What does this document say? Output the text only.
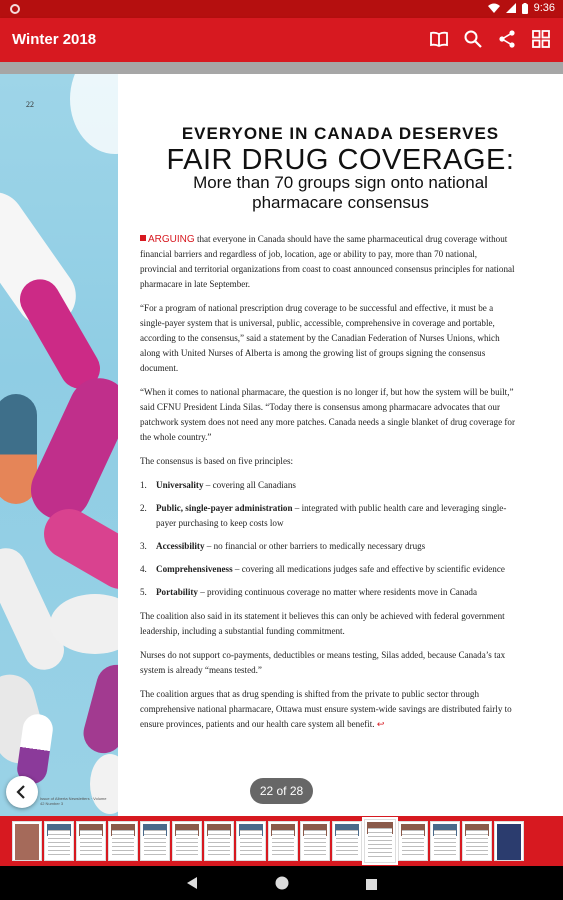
9:36
Winter 2018
22
Issue of Alberta Newsletters · Volume 42 Number 3
EVERYONE IN CANADA DESERVES
FAIR DRUG COVERAGE:
More than 70 groups sign onto national pharmacare consensus

ARGUING that everyone in Canada should have the same pharmaceutical drug coverage without financial barriers and regardless of job, location, age or ability to pay, more than 70 national, provincial and territorial organizations from coast to coast announced consensus principles for national pharmacare in late September.

“For a program of national prescription drug coverage to be successful and effective, it must be a single-payer system that is universal, public, accessible, comprehensive in coverage and portable, according to the consensus,” said a statement by the Canadian Federation of Nurses Unions, which along with United Nurses of Alberta is among the growing list of groups signing the consensus document.

“When it comes to national pharmacare, the question is no longer if, but how the system will be built,” said CFNU President Linda Silas. “Today there is consensus among pharmacare advocates that our patchwork system does not need any more patches. Canada needs a single blanket of drug coverage for the whole country.”

The consensus is based on five principles:

1. Universality – covering all Canadians
2. Public, single-payer administration – integrated with public health care and leveraging single-payer purchasing to keep costs low
3. Accessibility – no financial or other barriers to medically necessary drugs
4. Comprehensiveness – covering all medications judges safe and effective by scientific evidence
5. Portability – providing continuous coverage no matter where residents move in Canada

The coalition also said in its statement it believes this can only be achieved with federal government leadership, including a substantial funding commitment.

Nurses do not support co-payments, deductibles or means testing, Silas added, because Canada’s tax system is already “means tested.”

The coalition argues that as drug spending is shifted from the private to public sector through comprehensive national pharmacare, Ottawa must ensure system-wide savings are distributed fairly to ensure provinces, patients and our health care system all benefit. ↩

22 of 28
